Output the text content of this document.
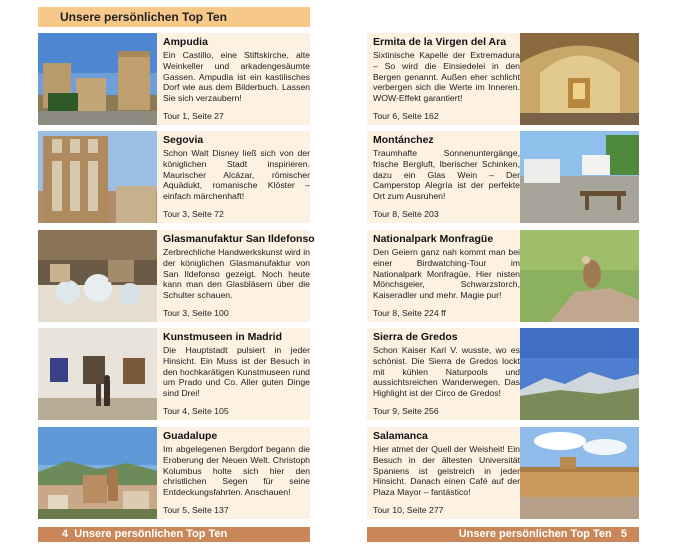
Unsere persönlichen Top Ten
Ampudia
Ein Castillo, eine Stiftskirche, alte Weinkeller und arkadengesäumte Gassen. Ampudia ist ein kastilisches Dorf wie aus dem Bilderbuch. Lassen Sie sich verzaubern!
Tour 1, Seite 27
Segovia
Schon Walt Disney ließ sich von der königlichen Stadt inspirieren. Maurischer Alcázar, römischer Aquädukt, romanische Klöster – einfach märchenhaft!
Tour 3, Seite 72
Glasmanufaktur San Ildefonso
Zerbrechliche Handwerkskunst wird in der königlichen Glasmanufaktur von San Ildefonso gezeigt. Noch heute kann man den Glasbläsern über die Schulter schauen.
Tour 3, Seite 100
Kunstmuseen in Madrid
Die Hauptstadt pulsiert in jeder Hinsicht. Ein Muss ist der Besuch in den hochkarätigen Kunstmuseen rund um Prado und Co. Aller guten Dinge sind Drei!
Tour 4, Seite 105
Guadalupe
Im abgelegenen Bergdorf begann die Eroberung der Neuen Welt. Christoph Kolumbus holte sich hier den christlichen Segen für seine Entdeckungsfahrten. Anschauen!
Tour 5, Seite 137
Ermita de la Virgen del Ara
Sixtinische Kapelle der Extremadura – So wird die Einsiedelei in den Bergen genannt. Außen eher schlicht verbergen sich die Werte im Inneren. WOW-Effekt garantiert!
Tour 6, Seite 162
Montánchez
Traumhafte Sonnenuntergänge, frische Bergluft, Iberischer Schinken, dazu ein Glas Wein – Der Camperstop Alegría ist der perfekte Ort zum Ausruhen!
Tour 8, Seite 203
Nationalpark Monfragüe
Den Geiern ganz nah kommt man bei einer Birdwatching-Tour im Nationalpark Monfragüe. Hier nisten Mönchsgeier, Schwarzstorch, Kaiseradler und mehr. Magie pur!
Tour 8, Seite 224 ff
Sierra de Gredos
Schon Kaiser Karl V. wusste, wo es schönist. Die Sierra de Gredos lockt mit kühlen Naturpools und aussichtsreichen Wanderwegen. Das Highlight ist der Circo de Gredos!
Tour 9, Seite 256
Salamanca
Hier atmet der Quell der Weisheit! Ein Besuch in der ältesten Universität Spaniens ist geistreich in jeder Hinsicht. Danach einen Café auf der Plaza Mayor – fantástico!
Tour 10, Seite 277
4 Unsere persönlichen Top Ten	Unsere persönlichen Top Ten 5
